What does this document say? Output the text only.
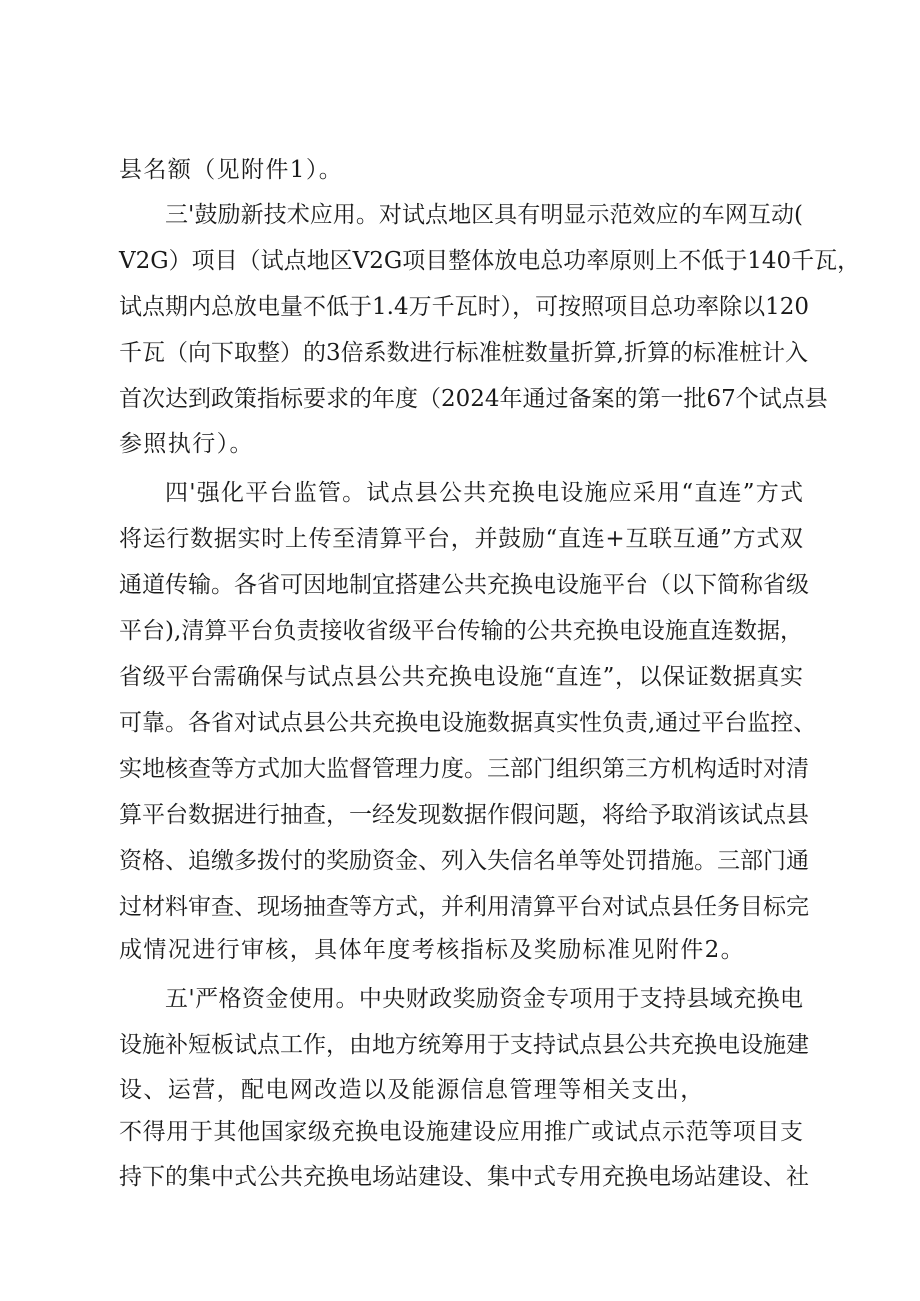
县名额（见附件1）。
三'鼓励新技术应用。对试点地区具有明显示范效应的车网互动(
V2G）项目（试点地区V2G项目整体放电总功率原则上不低于140千瓦，
试点期内总放电量不低于1.4万千瓦时），可按照项目总功率除以120
千瓦（向下取整）的3倍系数进行标准桩数量折算,折算的标准桩计入
首次达到政策指标要求的年度（2024年通过备案的第一批67个试点县
参照执行）。
四'强化平台监管。试点县公共充换电设施应采用“直连”方式
将运行数据实时上传至清算平台，并鼓励“直连+互联互通”方式双
通道传输。各省可因地制宜搭建公共充换电设施平台（以下简称省级
平台),清算平台负责接收省级平台传输的公共充换电设施直连数据，
省级平台需确保与试点县公共充换电设施“直连”，以保证数据真实
可靠。各省对试点县公共充换电设施数据真实性负责,通过平台监控、
实地核查等方式加大监督管理力度。三部门组织第三方机构适时对清
算平台数据进行抽查，一经发现数据作假问题，将给予取消该试点县
资格、追缴多拨付的奖励资金、列入失信名单等处罚措施。三部门通
过材料审查、现场抽查等方式，并利用清算平台对试点县任务目标完
成情况进行审核，具体年度考核指标及奖励标准见附件2。
五'严格资金使用。中央财政奖励资金专项用于支持县域充换电
设施补短板试点工作，由地方统筹用于支持试点县公共充换电设施建
设、运营，配电网改造以及能源信息管理等相关支出，
不得用于其他国家级充换电设施建设应用推广或试点示范等项目支
持下的集中式公共充换电场站建设、集中式专用充换电场站建设、社
